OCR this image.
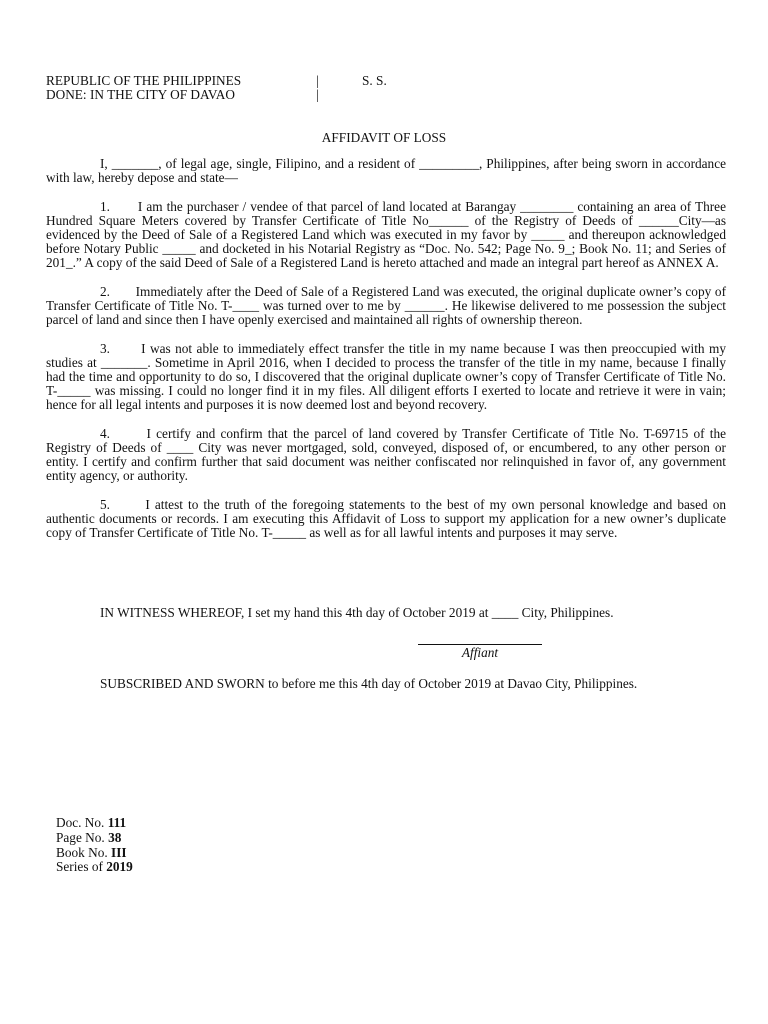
REPUBLIC OF THE PHILIPPINES	|	S. S.
DONE: IN THE CITY OF DAVAO	|
AFFIDAVIT OF LOSS

I, _______, of legal age, single, Filipino, and a resident of _________, Philippines, after being sworn in accordance with law, hereby depose and state—

1.       I am the purchaser / vendee of that parcel of land located at Barangay ________ containing an area of Three Hundred Square Meters covered by Transfer Certificate of Title No______ of the Registry of Deeds of ______City—as evidenced by the Deed of Sale of a Registered Land which was executed in my favor by _____ and thereupon acknowledged before Notary Public _____ and docketed in his Notarial Registry as “Doc. No. 542; Page No. 9_; Book No. 11; and Series of 201_.” A copy of the said Deed of Sale of a Registered Land is hereto attached and made an integral part hereof as ANNEX A.

2.       Immediately after the Deed of Sale of a Registered Land was executed, the original duplicate owner’s copy of Transfer Certificate of Title No. T-____ was turned over to me by ______. He likewise delivered to me possession the subject parcel of land and since then I have openly exercised and maintained all rights of ownership thereon.

3.       I was not able to immediately effect transfer the title in my name because I was then preoccupied with my studies at _______. Sometime in April 2016, when I decided to process the transfer of the title in my name, because I finally had the time and opportunity to do so, I discovered that the original duplicate owner’s copy of Transfer Certificate of Title No. T-_____ was missing. I could no longer find it in my files. All diligent efforts I exerted to locate and retrieve it were in vain; hence for all legal intents and purposes it is now deemed lost and beyond recovery.

4.       I certify and confirm that the parcel of land covered by Transfer Certificate of Title No. T-69715 of the Registry of Deeds of ____ City was never mortgaged, sold, conveyed, disposed of, or encumbered, to any other person or entity. I certify and confirm further that said document was neither confiscated nor relinquished in favor of, any government entity agency, or authority.

5.       I attest to the truth of the foregoing statements to the best of my own personal knowledge and based on authentic documents or records. I am executing this Affidavit of Loss to support my application for a new owner’s duplicate copy of Transfer Certificate of Title No. T-_____ as well as for all lawful intents and purposes it may serve.

IN WITNESS WHEREOF, I set my hand this 4th day of October 2019 at ____ City, Philippines.
Affiant
SUBSCRIBED AND SWORN to before me this 4th day of October 2019 at Davao City, Philippines.
Doc. No. 111
Page No. 38
Book No. III
Series of 2019
